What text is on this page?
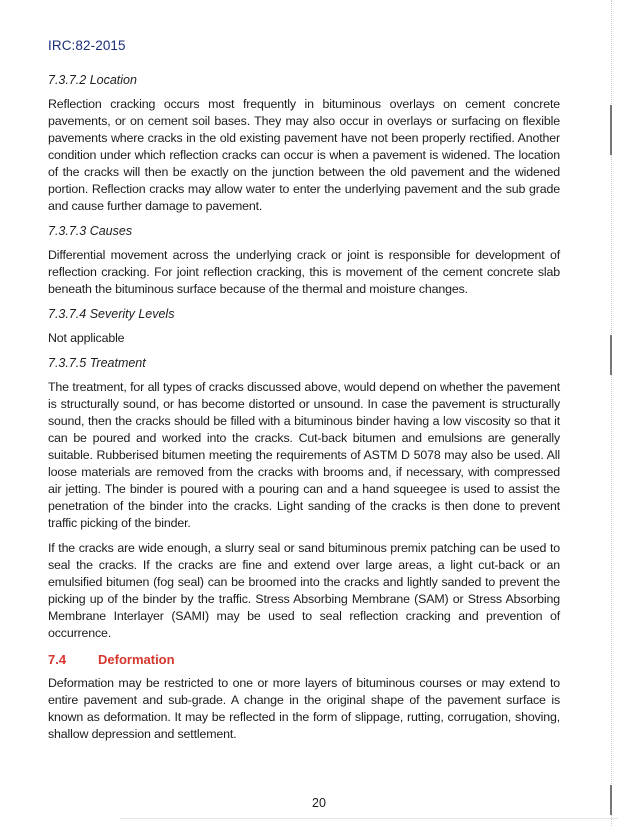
IRC:82-2015
7.3.7.2 Location

Reflection cracking occurs most frequently in bituminous overlays on cement concrete pavements, or on cement soil bases. They may also occur in overlays or surfacing on flexible pavements where cracks in the old existing pavement have not been properly rectified. Another condition under which reflection cracks can occur is when a pavement is widened. The location of the cracks will then be exactly on the junction between the old pavement and the widened portion. Reflection cracks may allow water to enter the underlying pavement and the sub grade and cause further damage to pavement.

7.3.7.3 Causes

Differential movement across the underlying crack or joint is responsible for development of reflection cracking. For joint reflection cracking, this is movement of the cement concrete slab beneath the bituminous surface because of the thermal and moisture changes.

7.3.7.4 Severity Levels

Not applicable

7.3.7.5 Treatment

The treatment, for all types of cracks discussed above, would depend on whether the pavement is structurally sound, or has become distorted or unsound. In case the pavement is structurally sound, then the cracks should be filled with a bituminous binder having a low viscosity so that it can be poured and worked into the cracks. Cut-back bitumen and emulsions are generally suitable. Rubberised bitumen meeting the requirements of ASTM D 5078 may also be used. All loose materials are removed from the cracks with brooms and, if necessary, with compressed air jetting. The binder is poured with a pouring can and a hand squeegee is used to assist the penetration of the binder into the cracks. Light sanding of the cracks is then done to prevent traffic picking of the binder.

If the cracks are wide enough, a slurry seal or sand bituminous premix patching can be used to seal the cracks. If the cracks are fine and extend over large areas, a light cut-back or an emulsified bitumen (fog seal) can be broomed into the cracks and lightly sanded to prevent the picking up of the binder by the traffic. Stress Absorbing Membrane (SAM) or Stress Absorbing Membrane Interlayer (SAMI) may be used to seal reflection cracking and prevention of occurrence.

7.4 Deformation

Deformation may be restricted to one or more layers of bituminous courses or may extend to entire pavement and sub-grade. A change in the original shape of the pavement surface is known as deformation. It may be reflected in the form of slippage, rutting, corrugation, shoving, shallow depression and settlement.

20
